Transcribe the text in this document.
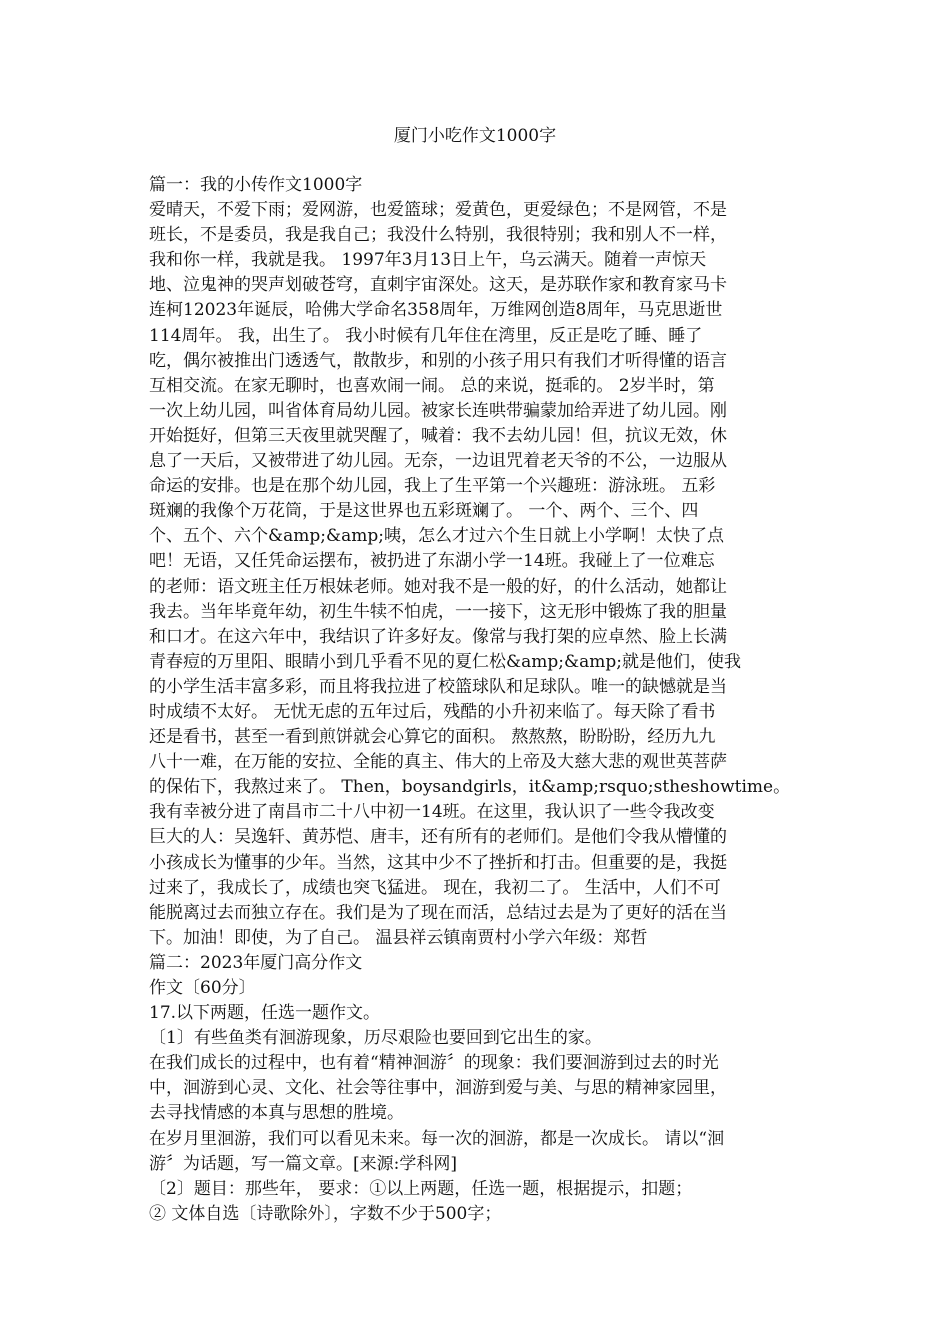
厦门小吃作文1000字

篇一：我的小传作文1000字

爱晴天，不爱下雨；爱网游，也爱篮球；爱黄色，更爱绿色；不是网管，不是

班长，不是委员，我是我自己；我没什么特别，我很特别；我和别人不一样，

我和你一样，我就是我。 1997年3月13日上午，乌云满天。随着一声惊天

地、泣鬼神的哭声划破苍穹，直刺宇宙深处。这天，是苏联作家和教育家马卡

连柯12023年诞辰，哈佛大学命名358周年，万维网创造8周年，马克思逝世

114周年。 我，出生了。 我小时候有几年住在湾里，反正是吃了睡、睡了

吃，偶尔被推出门透透气，散散步，和别的小孩子用只有我们才听得懂的语言

互相交流。在家无聊时，也喜欢闹一闹。 总的来说，挺乖的。 2岁半时，第

一次上幼儿园，叫省体育局幼儿园。被家长连哄带骗蒙加给弄进了幼儿园。刚

开始挺好，但第三天夜里就哭醒了，喊着：我不去幼儿园！但，抗议无效，休

息了一天后，又被带进了幼儿园。无奈，一边诅咒着老天爷的不公，一边服从

命运的安排。也是在那个幼儿园，我上了生平第一个兴趣班：游泳班。 五彩

斑斓的我像个万花筒，于是这世界也五彩斑斓了。 一个、两个、三个、四

个、五个、六个&amp;&amp;咦，怎么才过六个生日就上小学啊！太快了点

吧！无语，又任凭命运摆布，被扔进了东湖小学一14班。我碰上了一位难忘

的老师：语文班主任万根妹老师。她对我不是一般的好，的什么活动，她都让

我去。当年毕竟年幼，初生牛犊不怕虎，一一接下，这无形中锻炼了我的胆量

和口才。在这六年中，我结识了许多好友。像常与我打架的应卓然、脸上长满

青春痘的万里阳、眼睛小到几乎看不见的夏仁松&amp;&amp;就是他们，使我

的小学生活丰富多彩，而且将我拉进了校篮球队和足球队。唯一的缺憾就是当

时成绩不太好。 无忧无虑的五年过后，残酷的小升初来临了。每天除了看书

还是看书，甚至一看到煎饼就会心算它的面积。 熬熬熬，盼盼盼，经历九九

八十一难，在万能的安拉、全能的真主、伟大的上帝及大慈大悲的观世英菩萨

的保佑下，我熬过来了。 Then，boysandgirls，it&amp;rsquo;stheshowtime。

我有幸被分进了南昌市二十八中初一14班。在这里，我认识了一些令我改变

巨大的人：吴逸轩、黄苏恺、唐丰，还有所有的老师们。是他们令我从懵懂的

小孩成长为懂事的少年。当然，这其中少不了挫折和打击。但重要的是，我挺

过来了，我成长了，成绩也突飞猛进。 现在，我初二了。 生活中，人们不可

能脱离过去而独立存在。我们是为了现在而活，总结过去是为了更好的活在当

下。加油！即使，为了自己。 温县祥云镇南贾村小学六年级：郑哲

篇二：2023年厦门高分作文

作文〔60分〕

17.以下两题，任选一题作文。

〔1〕有些鱼类有洄游现象，历尽艰险也要回到它出生的家。

在我们成长的过程中，也有着“精神洄游〞的现象：我们要洄游到过去的时光

中，洄游到心灵、文化、社会等往事中，洄游到爱与美、与思的精神家园里，

去寻找情感的本真与思想的胜境。

在岁月里洄游，我们可以看见未来。每一次的洄游，都是一次成长。 请以“洄

游〞为话题，写一篇文章。[来源:学科网]

〔2〕题目：那些年， 要求：①以上两题，任选一题，根据提示，扣题；

② 文体自选〔诗歌除外〕，字数不少于500字；
